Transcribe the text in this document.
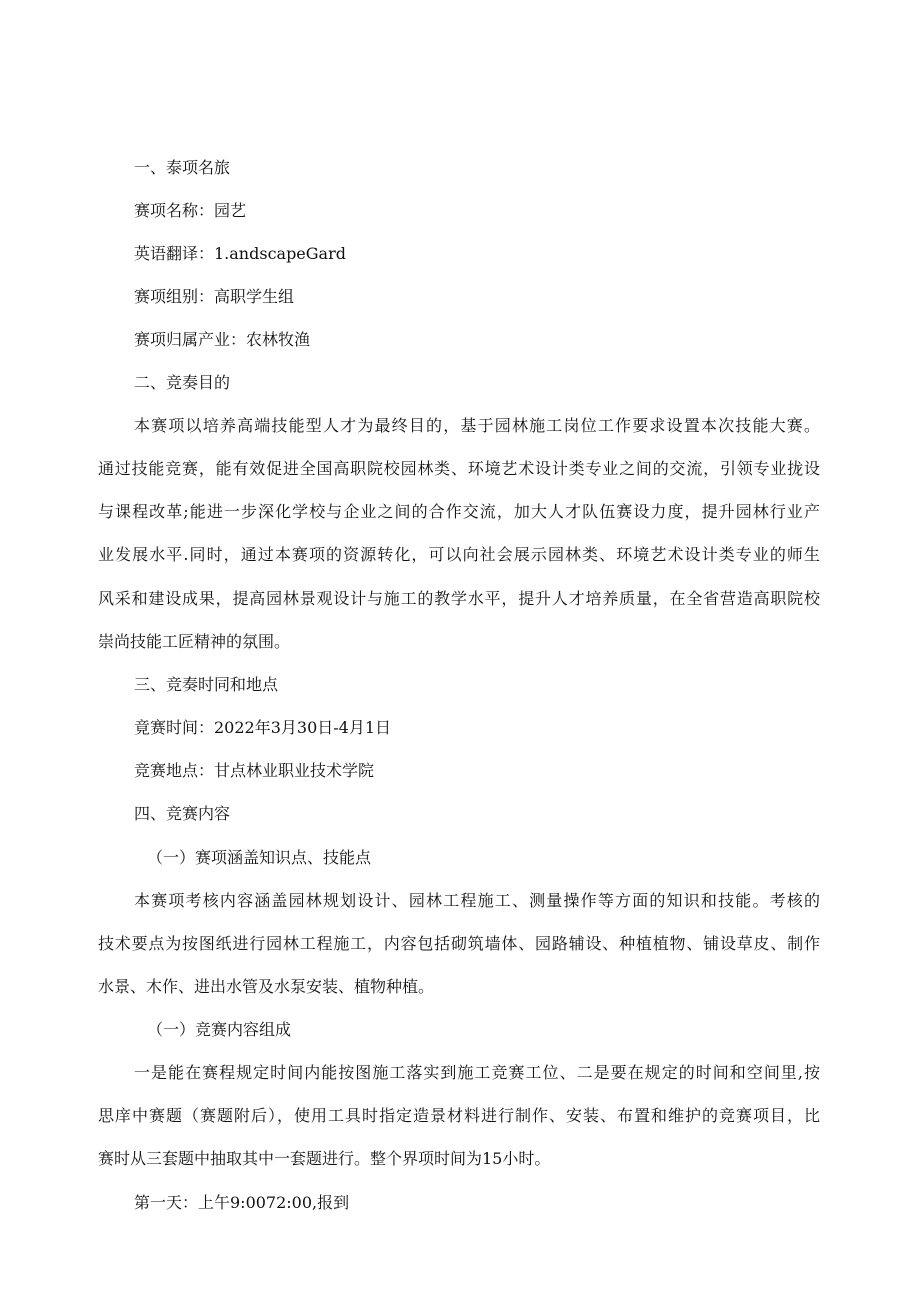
一、泰项名旅
赛项名称：园艺
英语翻译：1.andscapeGard
赛项组别：高职学生组
赛项归属产业：农林牧渔
二、竞奏目的
本赛项以培养高端技能型人才为最终目的，基于园林施工岗位工作要求设置本次技能大赛。
通过技能竞赛，能有效促进全国高职院校园林类、环境艺术设计类专业之间的交流，引领专业拢设
与课程改革;能进一步深化学校与企业之间的合作交流，加大人才队伍赛设力度，提升园林行业产
业发展水平.同时，通过本赛项的资源转化，可以向社会展示园林类、环境艺术设计类专业的师生
风采和建设成果，提高园林景观设计与施工的教学水平，提升人才培养质量，在全省营造高职院校
崇尚技能工匠精神的氛围。
三、竞奏时同和地点
竟赛时间：2022年3月30日-4月1日
竞赛地点：甘点林业职业技术学院
四、竞赛内容
（一）赛项涵盖知识点、技能点
本赛项考核内容涵盖园林规划设计、园林工程施工、测量操作等方面的知识和技能。考核的
技术要点为按图纸进行园林工程施工，内容包括砌筑墙体、园路辅设、种植植物、铺设草皮、制作
水景、木作、进出水管及水泵安装、植物种植。
（一）竞赛内容组成
一是能在赛程规定时间内能按图施工落实到施工竞赛工位、二是要在规定的时间和空间里,按
思庠中赛题（赛题附后），使用工具时指定造景材料进行制作、安装、布置和维护的竞赛项目，比
赛时从三套题中抽取其中一套题进行。整个界项时间为15小时。
第一天：上午9:0072:00,报到
